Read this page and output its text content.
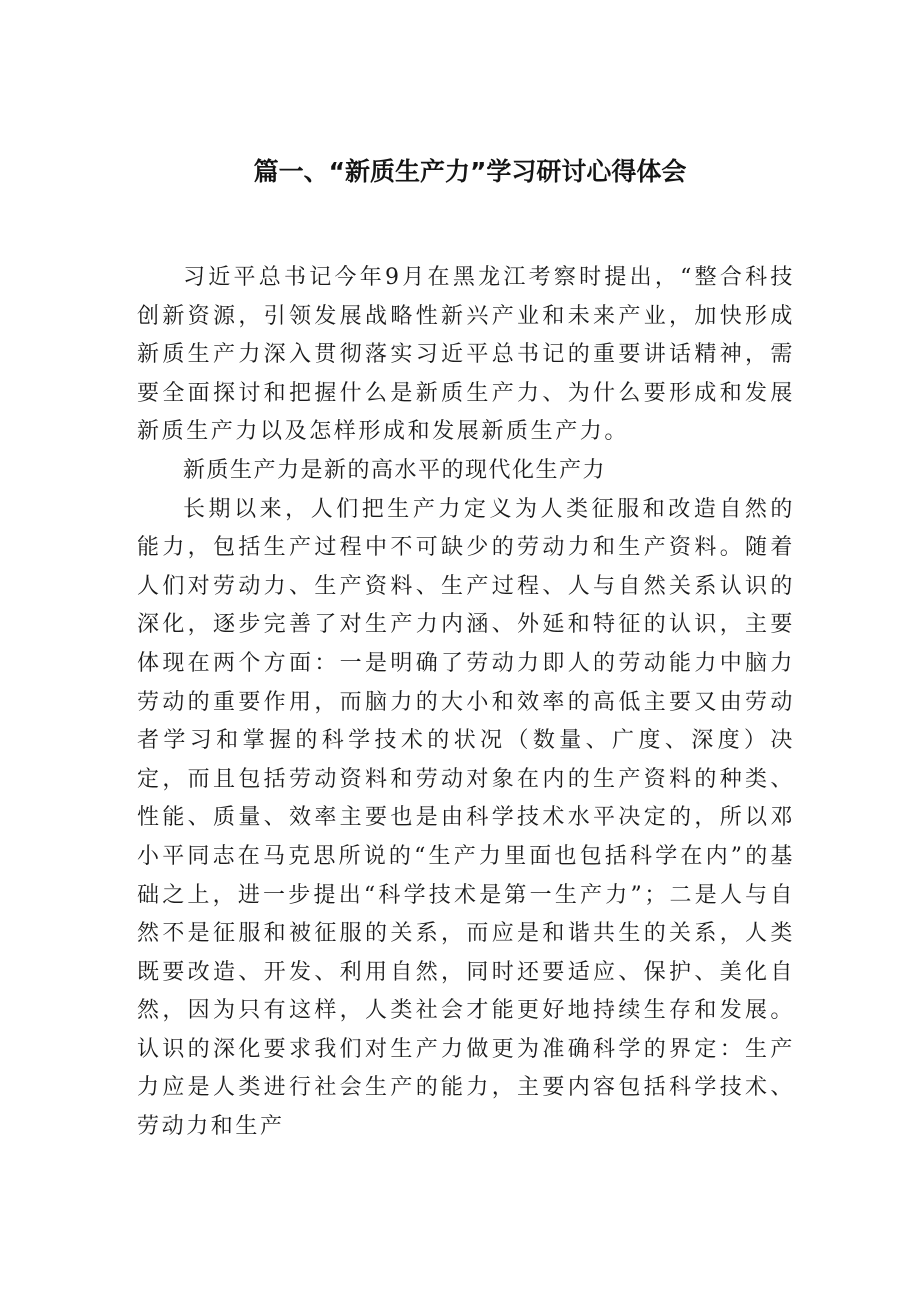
篇一、“新质生产力”学习研讨心得体会

习近平总书记今年9月在黑龙江考察时提出，“整合科技创新资源，引领发展战略性新兴产业和未来产业，加快形成新质生产力深入贯彻落实习近平总书记的重要讲话精神，需要全面探讨和把握什么是新质生产力、为什么要形成和发展新质生产力以及怎样形成和发展新质生产力。

新质生产力是新的高水平的现代化生产力

长期以来，人们把生产力定义为人类征服和改造自然的能力，包括生产过程中不可缺少的劳动力和生产资料。随着人们对劳动力、生产资料、生产过程、人与自然关系认识的深化，逐步完善了对生产力内涵、外延和特征的认识，主要体现在两个方面：一是明确了劳动力即人的劳动能力中脑力劳动的重要作用，而脑力的大小和效率的高低主要又由劳动者学习和掌握的科学技术的状况（数量、广度、深度）决定，而且包括劳动资料和劳动对象在内的生产资料的种类、性能、质量、效率主要也是由科学技术水平决定的，所以邓小平同志在马克思所说的“生产力里面也包括科学在内”的基础之上，进一步提出“科学技术是第一生产力”；二是人与自然不是征服和被征服的关系，而应是和谐共生的关系，人类既要改造、开发、利用自然，同时还要适应、保护、美化自然，因为只有这样，人类社会才能更好地持续生存和发展。认识的深化要求我们对生产力做更为准确科学的界定：生产力应是人类进行社会生产的能力，主要内容包括科学技术、劳动力和生产
